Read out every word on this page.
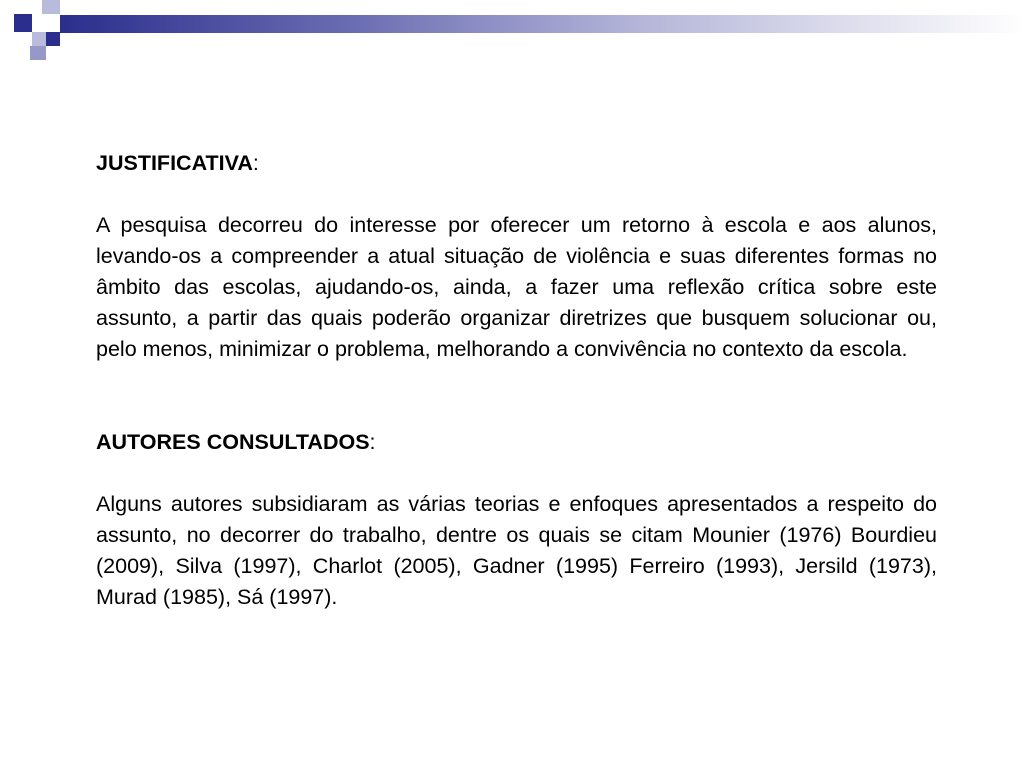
JUSTIFICATIVA:

A pesquisa decorreu do interesse por oferecer um retorno à escola e aos alunos, levando-os a compreender a atual situação de violência e suas diferentes formas no âmbito das escolas, ajudando-os, ainda, a fazer uma reflexão crítica sobre este assunto, a partir das quais poderão organizar diretrizes que busquem solucionar ou, pelo menos, minimizar o problema, melhorando a convivência no contexto da escola.

AUTORES CONSULTADOS:

Alguns autores subsidiaram as várias teorias e enfoques apresentados a respeito do assunto, no decorrer do trabalho, dentre os quais se citam Mounier (1976) Bourdieu (2009), Silva (1997), Charlot (2005), Gadner (1995) Ferreiro (1993), Jersild (1973), Murad (1985), Sá (1997).
